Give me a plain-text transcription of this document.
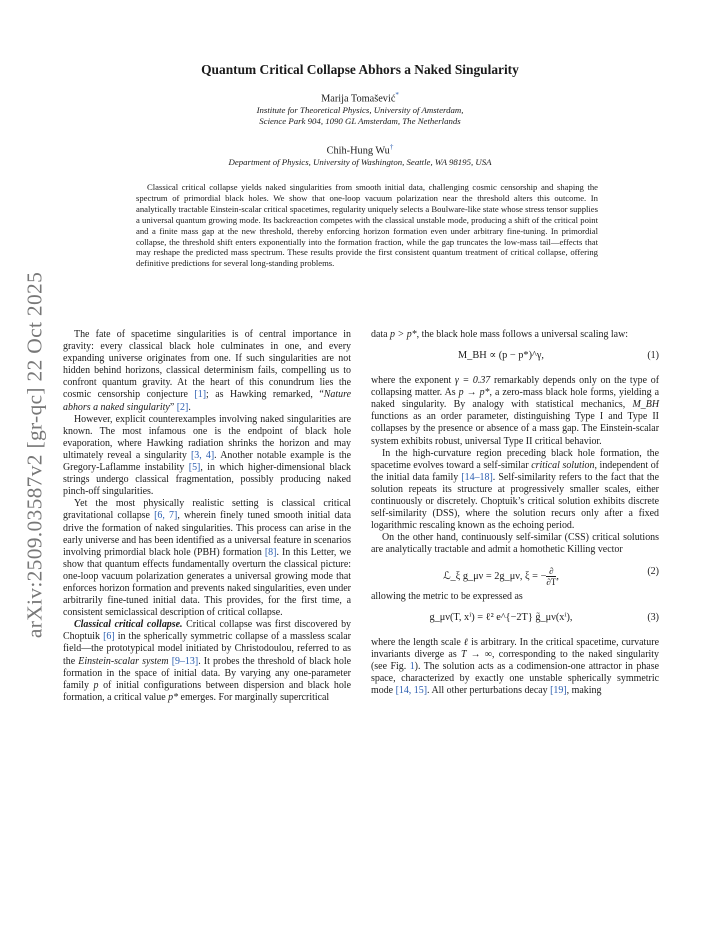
arXiv:2509.03587v2 [gr-qc] 22 Oct 2025
Quantum Critical Collapse Abhors a Naked Singularity
Marija Tomašević*
Institute for Theoretical Physics, University of Amsterdam,
Science Park 904, 1090 GL Amsterdam, The Netherlands
Chih-Hung Wu†
Department of Physics, University of Washington, Seattle, WA 98195, USA
Classical critical collapse yields naked singularities from smooth initial data, challenging cosmic censorship and shaping the spectrum of primordial black holes. We show that one-loop vacuum polarization near the threshold alters this outcome. In analytically tractable Einstein-scalar critical spacetimes, regularity uniquely selects a Boulware-like state whose stress tensor supplies a universal quantum growing mode. Its backreaction competes with the classical unstable mode, producing a shift of the critical point and a finite mass gap at the new threshold, thereby enforcing horizon formation even under arbitrary fine-tuning. In primordial collapse, the threshold shift enters exponentially into the formation fraction, while the gap truncates the low-mass tail—effects that may reshape the predicted mass spectrum. These results provide the first consistent quantum treatment of critical collapse, offering definitive predictions for several long-standing problems.

The fate of spacetime singularities is of central importance in gravity: every classical black hole culminates in one, and every expanding universe originates from one. If such singularities are not hidden behind horizons, classical determinism fails, compelling us to confront quantum gravity. At the heart of this conundrum lies the cosmic censorship conjecture [1]; as Hawking remarked, “Nature abhors a naked singularity” [2].

However, explicit counterexamples involving naked singularities are known. The most infamous one is the endpoint of black hole evaporation, where Hawking radiation shrinks the horizon and may ultimately reveal a singularity [3, 4]. Another notable example is the Gregory-Laflamme instability [5], in which higher-dimensional black strings undergo classical fragmentation, possibly producing naked pinch-off singularities.

Yet the most physically realistic setting is classical critical gravitational collapse [6, 7], wherein finely tuned smooth initial data drive the formation of naked singularities. This process can arise in the early universe and has been identified as a universal feature in scenarios involving primordial black hole (PBH) formation [8]. In this Letter, we show that quantum effects fundamentally overturn the classical picture: one-loop vacuum polarization generates a universal growing mode that enforces horizon formation and prevents naked singularities, even under arbitrarily fine-tuned initial data. This provides, for the first time, a consistent semiclassical description of critical collapse.

Classical critical collapse. Critical collapse was first discovered by Choptuik [6] in the spherically symmetric collapse of a massless scalar field—the prototypical model initiated by Christodoulou, referred to as the Einstein-scalar system [9–13]. It probes the threshold of black hole formation in the space of initial data. By varying any one-parameter family p of initial configurations between dispersion and black hole formation, a critical value p* emerges. For marginally supercritical

data p > p*, the black hole mass follows a universal scaling law:

M_BH ∝ (p − p*)^γ,	(1)

where the exponent γ = 0.37 remarkably depends only on the type of collapsing matter. As p → p*, a zero-mass black hole forms, yielding a naked singularity. By analogy with statistical mechanics, M_BH functions as an order parameter, distinguishing Type I and Type II collapses by the presence or absence of a mass gap. The Einstein-scalar system exhibits robust, universal Type II critical behavior.

In the high-curvature region preceding black hole formation, the spacetime evolves toward a self-similar critical solution, independent of the initial data family [14–18]. Self-similarity refers to the fact that the solution repeats its structure at progressively smaller scales, either continuously or discretely. Choptuik’s critical solution exhibits discrete self-similarity (DSS), where the solution recurs only after a fixed logarithmic rescaling known as the echoing period.

On the other hand, continuously self-similar (CSS) critical solutions are analytically tractable and admit a homothetic Killing vector

ℒ_ξ g_μν = 2g_μν, ξ = − $\frac{\partial}{\partial T}$ ,	(2)

allowing the metric to be expressed as

g_μν(T, xⁱ) = ℓ² e^{−2T} g̃_μν(xⁱ),	(3)

where the length scale ℓ is arbitrary. In the critical spacetime, curvature invariants diverge as T → ∞, corresponding to the naked singularity (see Fig. 1). The solution acts as a codimension-one attractor in phase space, characterized by exactly one unstable spherically symmetric mode [14, 15]. All other perturbations decay [19], making
